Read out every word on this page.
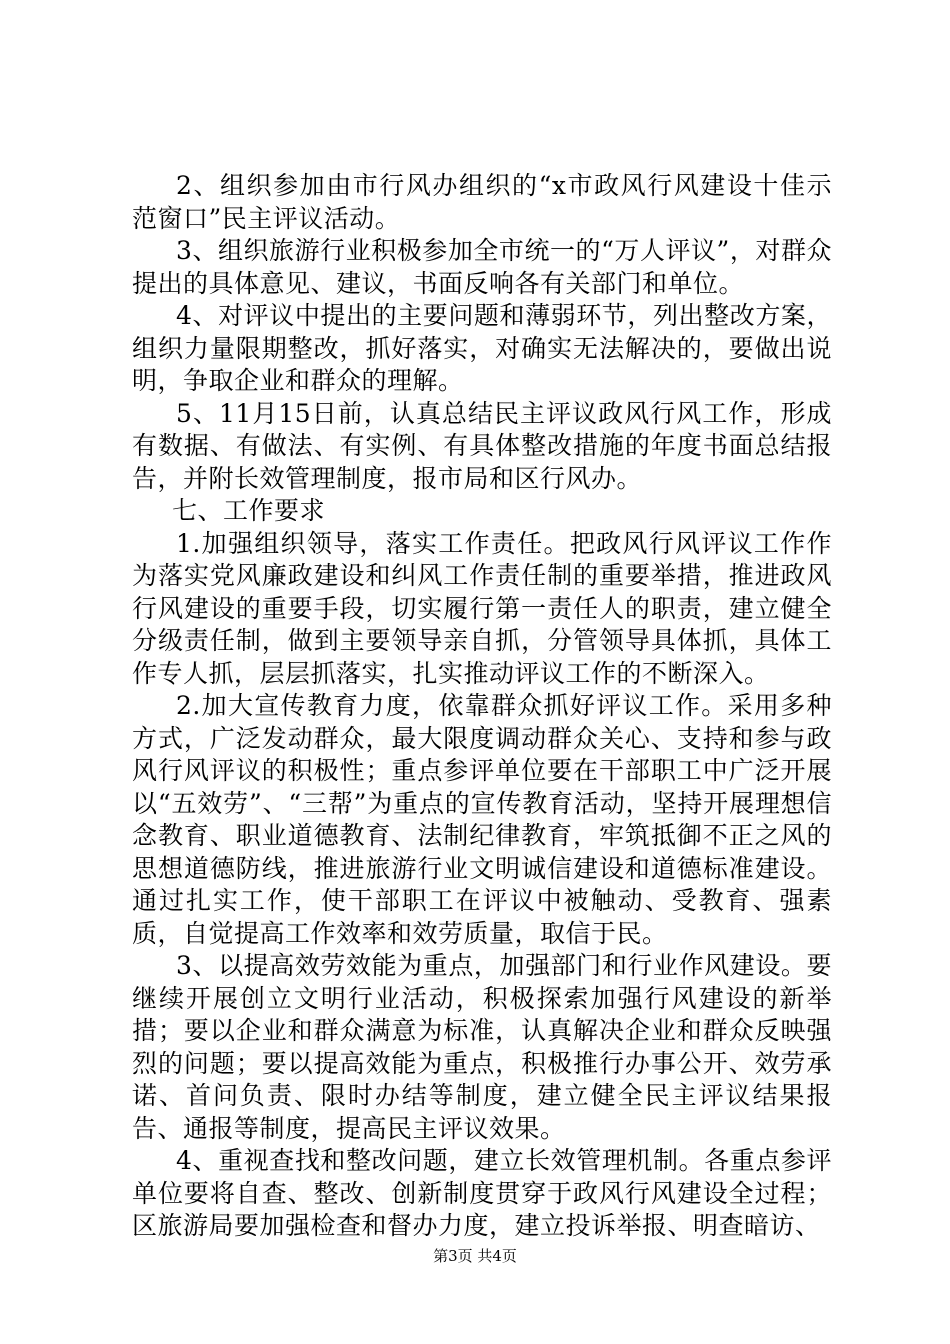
2、组织参加由市行风办组织的“x市政风行风建设十佳示范窗口”民主评议活动。

3、组织旅游行业积极参加全市统一的“万人评议”，对群众提出的具体意见、建议，书面反响各有关部门和单位。

4、对评议中提出的主要问题和薄弱环节，列出整改方案，组织力量限期整改，抓好落实，对确实无法解决的，要做出说明，争取企业和群众的理解。

5、11月15日前，认真总结民主评议政风行风工作，形成有数据、有做法、有实例、有具体整改措施的年度书面总结报告，并附长效管理制度，报市局和区行风办。

七、工作要求

1.加强组织领导，落实工作责任。把政风行风评议工作作为落实党风廉政建设和纠风工作责任制的重要举措，推进政风行风建设的重要手段，切实履行第一责任人的职责，建立健全分级责任制，做到主要领导亲自抓，分管领导具体抓，具体工作专人抓，层层抓落实，扎实推动评议工作的不断深入。

2.加大宣传教育力度，依靠群众抓好评议工作。采用多种方式，广泛发动群众，最大限度调动群众关心、支持和参与政风行风评议的积极性；重点参评单位要在干部职工中广泛开展以“五效劳”、“三帮”为重点的宣传教育活动，坚持开展理想信念教育、职业道德教育、法制纪律教育，牢筑抵御不正之风的思想道德防线，推进旅游行业文明诚信建设和道德标准建设。通过扎实工作，使干部职工在评议中被触动、受教育、强素质，自觉提高工作效率和效劳质量，取信于民。

3、以提高效劳效能为重点，加强部门和行业作风建设。要继续开展创立文明行业活动，积极探索加强行风建设的新举措；要以企业和群众满意为标准，认真解决企业和群众反映强烈的问题；要以提高效能为重点，积极推行办事公开、效劳承诺、首问负责、限时办结等制度，建立健全民主评议结果报告、通报等制度，提高民主评议效果。

4、重视查找和整改问题，建立长效管理机制。各重点参评单位要将自查、整改、创新制度贯穿于政风行风建设全过程；区旅游局要加强检查和督办力度，建立投诉举报、明查暗访、

第3页 共4页
